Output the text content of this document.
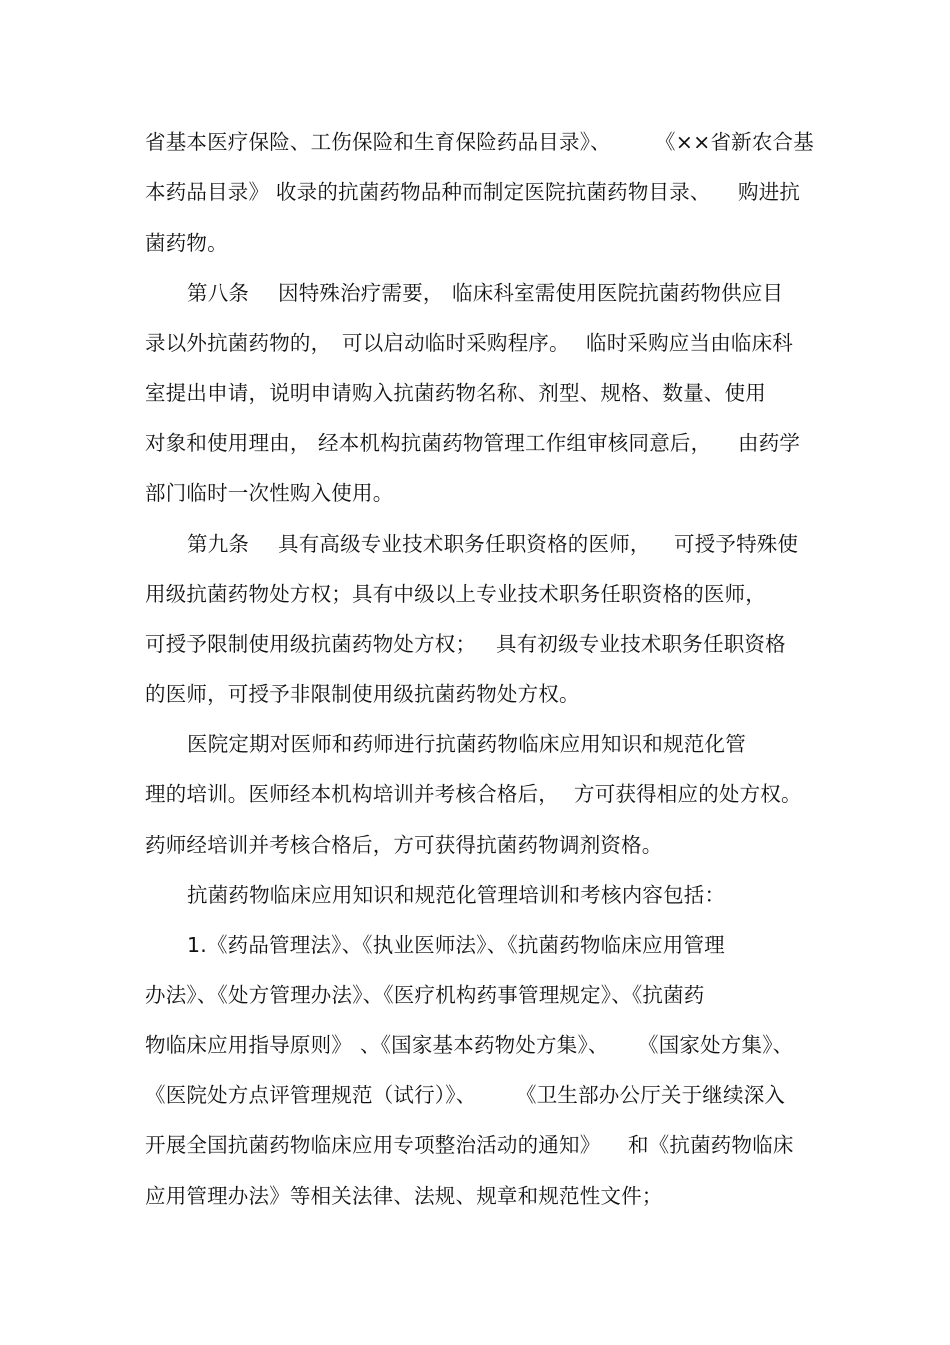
省基本医疗保险、工伤保险和生育保险药品目录》、

《××省新农合基

本药品目录》 收录的抗菌药物品种而制定医院抗菌药物目录、

购进抗

菌药物。

第八条

因特殊治疗需要，

临床科室需使用医院抗菌药物供应目

录以外抗菌药物的，

可以启动临时采购程序。

临时采购应当由临床科

室提出申请，说明申请购入抗菌药物名称、剂型、规格、数量、使用

对象和使用理由，

经本机构抗菌药物管理工作组审核同意后，

由药学

部门临时一次性购入使用。

第九条

具有高级专业技术职务任职资格的医师，

可授予特殊使

用级抗菌药物处方权；具有中级以上专业技术职务任职资格的医师，

可授予限制使用级抗菌药物处方权；

具有初级专业技术职务任职资格

的医师，可授予非限制使用级抗菌药物处方权。

医院定期对医师和药师进行抗菌药物临床应用知识和规范化管

理的培训。医师经本机构培训并考核合格后，

方可获得相应的处方权。

药师经培训并考核合格后，方可获得抗菌药物调剂资格。

抗菌药物临床应用知识和规范化管理培训和考核内容包括：

1.《药品管理法》、《执业医师法》、《抗菌药物临床应用管理

办法》、《处方管理办法》、《医疗机构药事管理规定》、《抗菌药

物临床应用指导原则》

、《国家基本药物处方集》、

《国家处方集》、

《医院处方点评管理规范（试行）》、

《卫生部办公厅关于继续深入

开展全国抗菌药物临床应用专项整治活动的通知》

和《抗菌药物临床

应用管理办法》等相关法律、法规、规章和规范性文件；
